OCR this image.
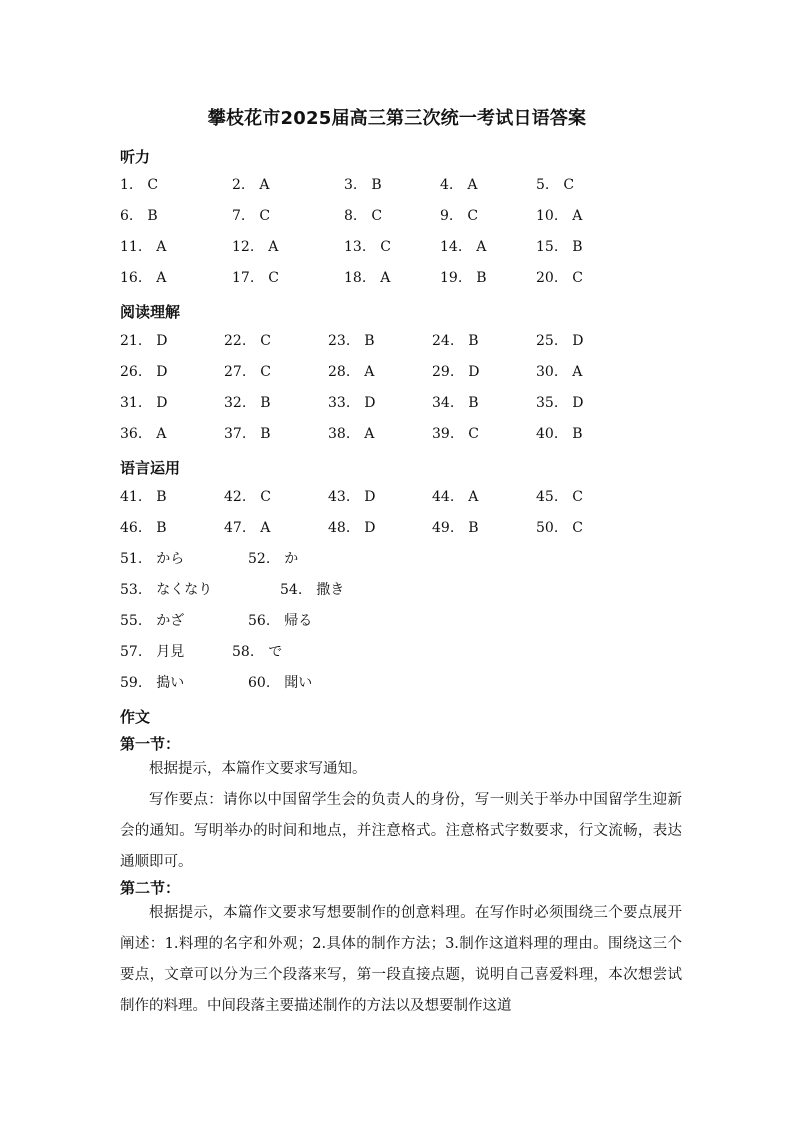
攀枝花市2025届高三第三次统一考试日语答案
听力
1. C	2. A	3. B	4. A	5. C
6. B	7. C	8. C	9. C	10. A
11. A	12. A	13. C	14. A	15. B
16. A	17. C	18. A	19. B	20. C
阅读理解
21. D	22. C	23. B	24. B	25. D
26. D	27. C	28. A	29. D	30. A
31. D	32. B	33. D	34. B	35. D
36. A	37. B	38. A	39. C	40. B
语言运用
41. B	42. C	43. D	44. A	45. C
46. B	47. A	48. D	49. B	50. C
51. から	52. か
53. なくなり	54. 撒き
55. かざ	56. 帰る
57. 月見	58. で
59. 搗い	60. 聞い
作文
第一节：
根据提示，本篇作文要求写通知。
写作要点：请你以中国留学生会的负责人的身份，写一则关于举办中国留学生迎新会的通知。写明举办的时间和地点，并注意格式。注意格式字数要求，行文流畅，表达通顺即可。
第二节：
根据提示，本篇作文要求写想要制作的创意料理。在写作时必须围绕三个要点展开阐述：1.料理的名字和外观；2.具体的制作方法；3.制作这道料理的理由。围绕这三个要点，文章可以分为三个段落来写，第一段直接点题，说明自己喜爱料理，本次想尝试制作的料理。中间段落主要描述制作的方法以及想要制作这道
